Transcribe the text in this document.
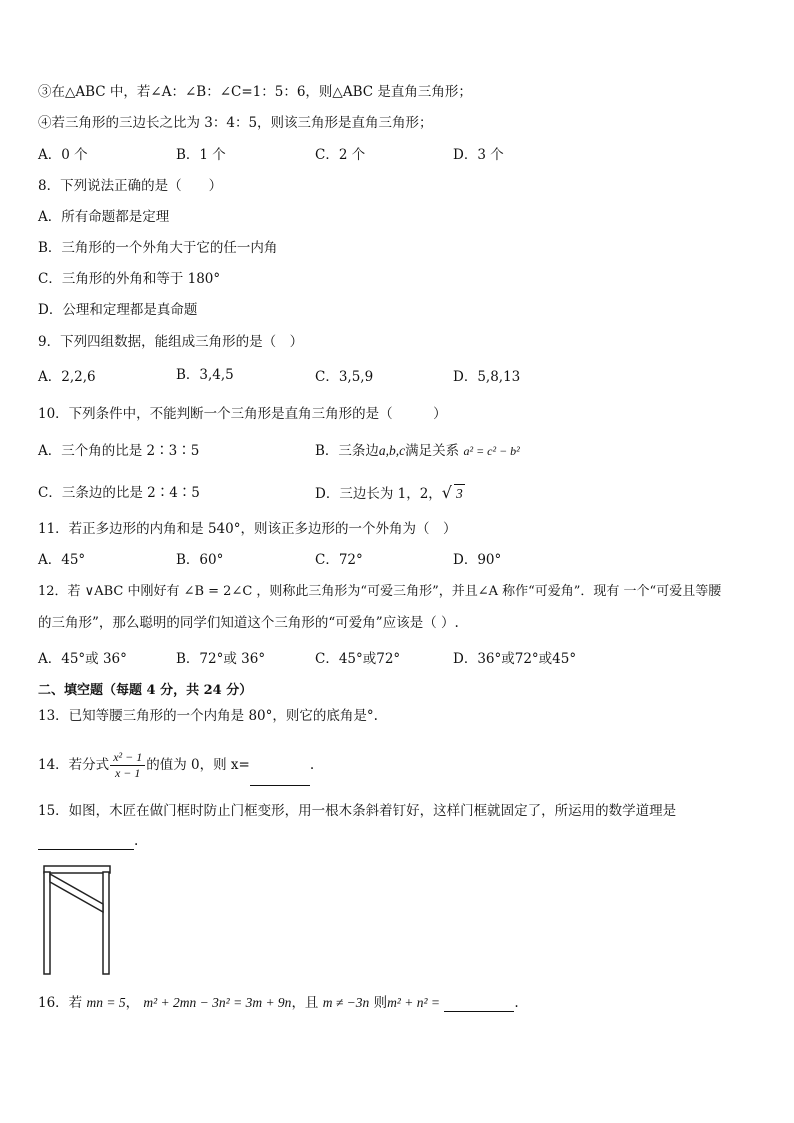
③在△ABC 中，若∠A：∠B：∠C=1：5：6，则△ABC 是直角三角形；
④若三角形的三边长之比为 3：4：5，则该三角形是直角三角形；
A．0 个	B．1 个	C．2 个	D．3 个
8．下列说法正确的是（　　）
A．所有命题都是定理
B．三角形的一个外角大于它的任一内角
C．三角形的外角和等于 180°
D．公理和定理都是真命题
9．下列四组数据，能组成三角形的是（　）
A．2,2,6	B．3,4,5	C．3,5,9	D．5,8,13
10．下列条件中，不能判断一个三角形是直角三角形的是（　　　）
A．三个角的比是 2∶3∶5	B．三条边a,b,c满足关系 a² = c² − b²
C．三条边的比是 2∶4∶5	D．三边长为 1，2，√ 3
11．若正多边形的内角和是 540°，则该正多边形的一个外角为（　）
A．45°	B．60°	C．72°	D．90°
12．若 ∨ABC 中刚好有 ∠B = 2∠C ，则称此三角形为“可爱三角形”，并且∠A 称作“可爱角”．现有 一个“可爱且等腰
的三角形”，那么聪明的同学们知道这个三角形的“可爱角”应该是（ ）.
A．45°或 36°	B．72°或 36°	C．45°或72°	D．36°或72°或45°
二、填空题（每题 4 分，共 24 分）
13．已知等腰三角形的一个内角是 80°，则它的底角是°.
14．若分式 $\frac{\text{x² − 1}}{x - 1}$ 的值为 0，则 x=	.
15．如图，木匠在做门框时防止门框变形，用一根木条斜着钉好，这样门框就固定了，所运用的数学道理是
.
16．若 mn = 5， m² + 2mn − 3n² = 3m + 9n，且 m ≠ −3n 则m² + n² =	.
